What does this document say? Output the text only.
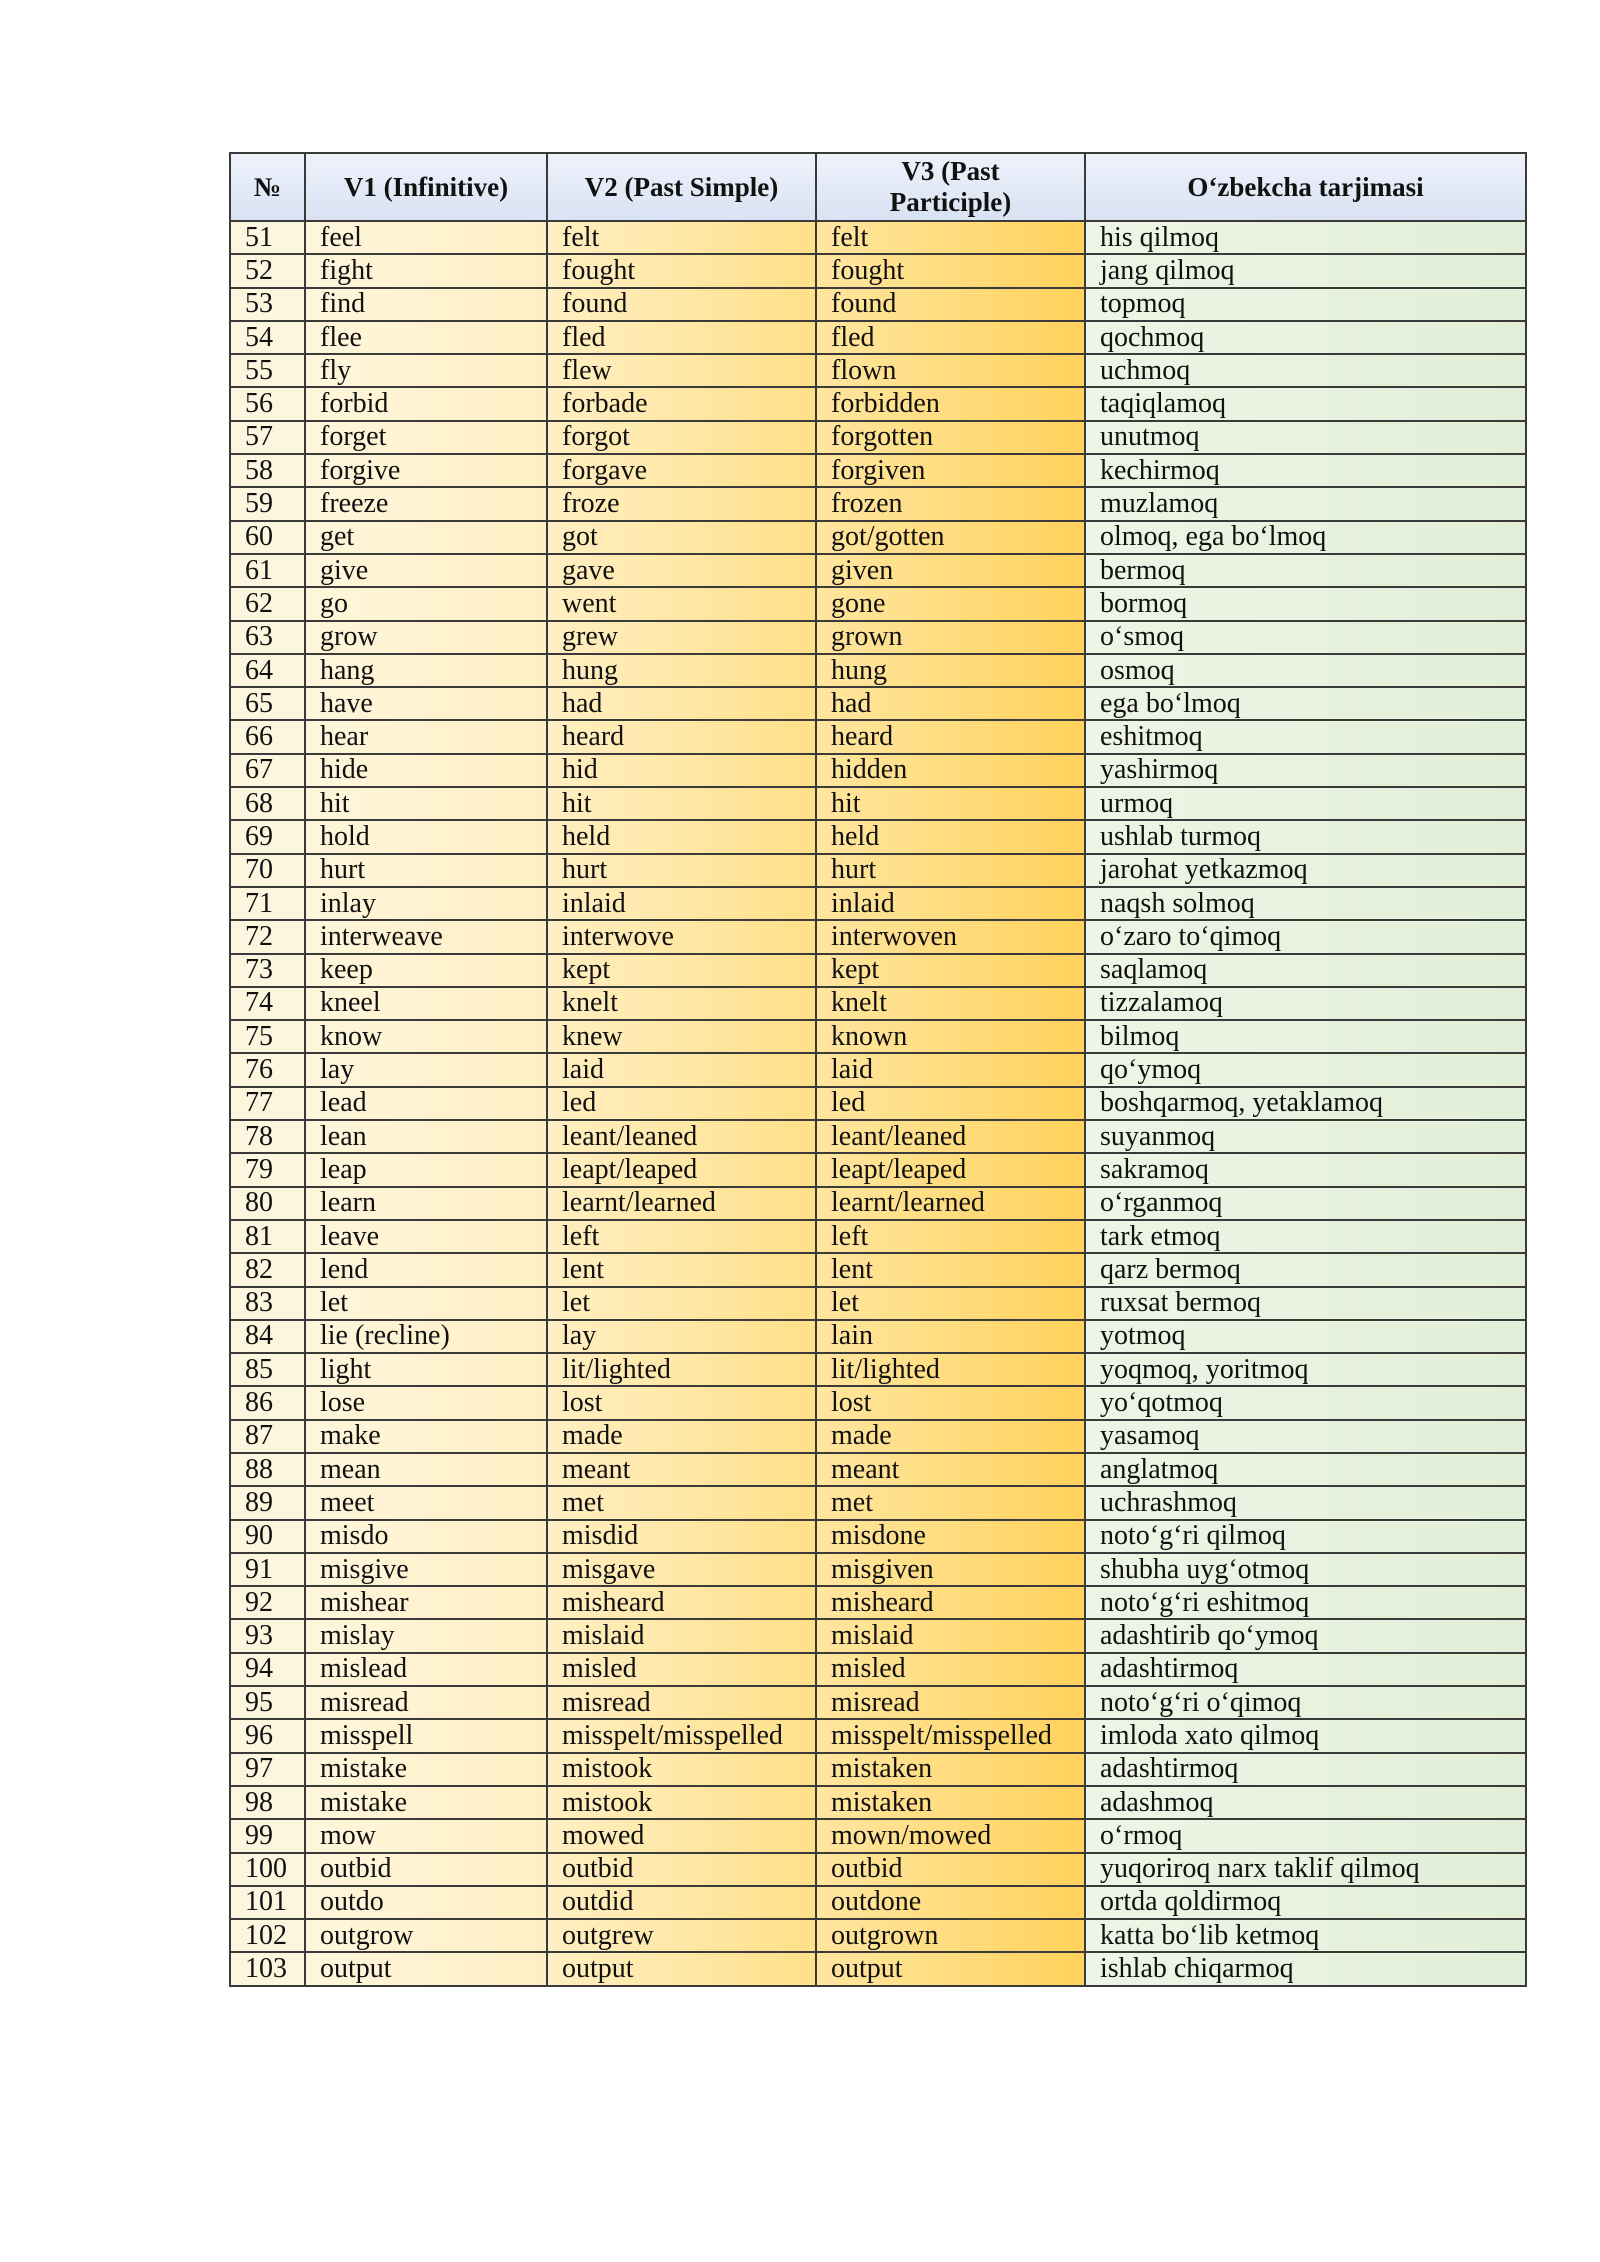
№	V1 (Infinitive)	V2 (Past Simple)	V3 (Past
Participle)	O‘zbekcha tarjimasi
51	feel	felt	felt	his qilmoq
52	fight	fought	fought	jang qilmoq
53	find	found	found	topmoq
54	flee	fled	fled	qochmoq
55	fly	flew	flown	uchmoq
56	forbid	forbade	forbidden	taqiqlamoq
57	forget	forgot	forgotten	unutmoq
58	forgive	forgave	forgiven	kechirmoq
59	freeze	froze	frozen	muzlamoq
60	get	got	got/gotten	olmoq, ega bo‘lmoq
61	give	gave	given	bermoq
62	go	went	gone	bormoq
63	grow	grew	grown	o‘smoq
64	hang	hung	hung	osmoq
65	have	had	had	ega bo‘lmoq
66	hear	heard	heard	eshitmoq
67	hide	hid	hidden	yashirmoq
68	hit	hit	hit	urmoq
69	hold	held	held	ushlab turmoq
70	hurt	hurt	hurt	jarohat yetkazmoq
71	inlay	inlaid	inlaid	naqsh solmoq
72	interweave	interwove	interwoven	o‘zaro to‘qimoq
73	keep	kept	kept	saqlamoq
74	kneel	knelt	knelt	tizzalamoq
75	know	knew	known	bilmoq
76	lay	laid	laid	qo‘ymoq
77	lead	led	led	boshqarmoq, yetaklamoq
78	lean	leant/leaned	leant/leaned	suyanmoq
79	leap	leapt/leaped	leapt/leaped	sakramoq
80	learn	learnt/learned	learnt/learned	o‘rganmoq
81	leave	left	left	tark etmoq
82	lend	lent	lent	qarz bermoq
83	let	let	let	ruxsat bermoq
84	lie (recline)	lay	lain	yotmoq
85	light	lit/lighted	lit/lighted	yoqmoq, yoritmoq
86	lose	lost	lost	yo‘qotmoq
87	make	made	made	yasamoq
88	mean	meant	meant	anglatmoq
89	meet	met	met	uchrashmoq
90	misdo	misdid	misdone	noto‘g‘ri qilmoq
91	misgive	misgave	misgiven	shubha uyg‘otmoq
92	mishear	misheard	misheard	noto‘g‘ri eshitmoq
93	mislay	mislaid	mislaid	adashtirib qo‘ymoq
94	mislead	misled	misled	adashtirmoq
95	misread	misread	misread	noto‘g‘ri o‘qimoq
96	misspell	misspelt/misspelled	misspelt/misspelled	imloda xato qilmoq
97	mistake	mistook	mistaken	adashtirmoq
98	mistake	mistook	mistaken	adashmoq
99	mow	mowed	mown/mowed	o‘rmoq
100	outbid	outbid	outbid	yuqoriroq narx taklif qilmoq
101	outdo	outdid	outdone	ortda qoldirmoq
102	outgrow	outgrew	outgrown	katta bo‘lib ketmoq
103	output	output	output	ishlab chiqarmoq
